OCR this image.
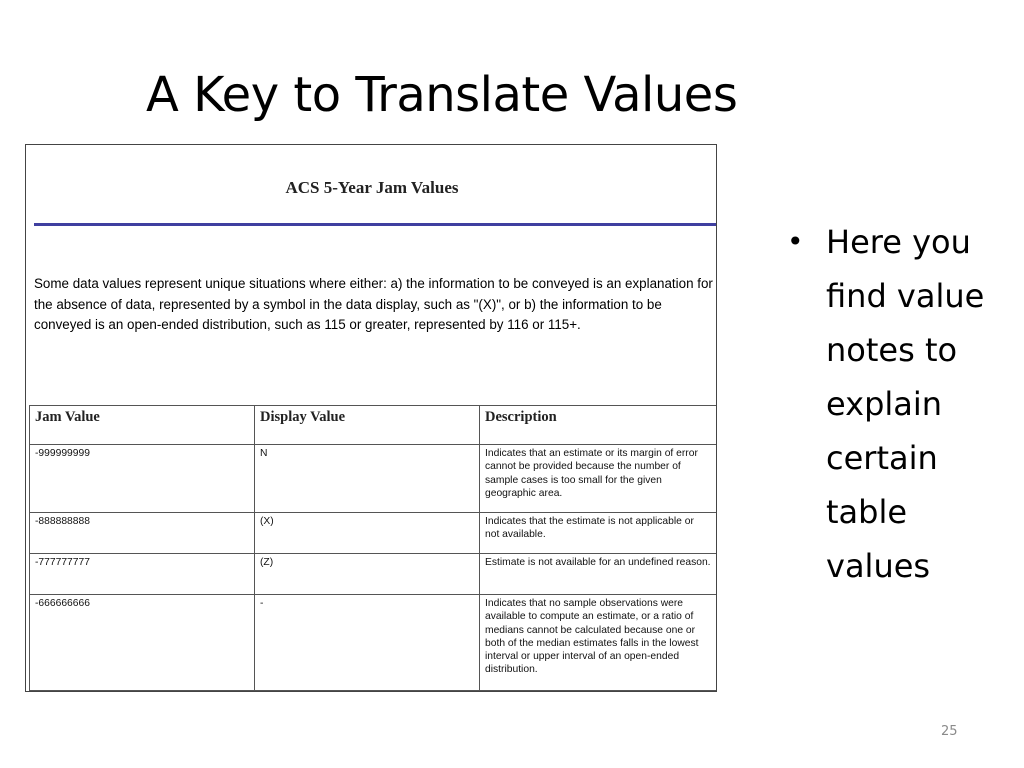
A Key to Translate Values
ACS 5-Year Jam Values
Some data values represent unique situations where either: a) the information to be conveyed is an explanation for the absence of data, represented by a symbol in the data display, such as "(X)", or b) the information to be conveyed is an open-ended distribution, such as 115 or greater, represented by 116 or 115+.
Jam Value	Display Value	Description
-999999999	N	Indicates that an estimate or its margin of error cannot be provided because the number of sample cases is too small for the given geographic area.
-888888888	(X)	Indicates that the estimate is not applicable or not available.
-777777777	(Z)	Estimate is not available for an undefined reason.
-666666666	-	Indicates that no sample observations were available to compute an estimate, or a ratio of medians cannot be calculated because one or both of the median estimates falls in the lowest interval or upper interval of an open-ended distribution.
• Here you find value notes to explain certain table values
25
